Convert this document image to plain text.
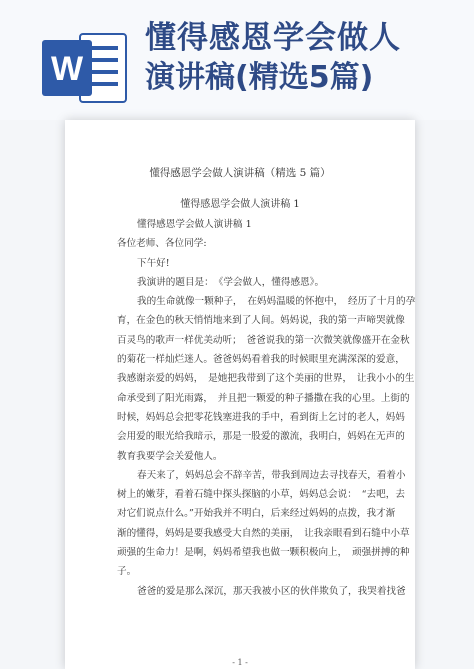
W
懂得感恩学会做人
演讲稿(精选5篇)
懂得感恩学会做人演讲稿（精选 5 篇）
懂得感恩学会做人演讲稿 1

懂得感恩学会做人演讲稿 1

各位老师、各位同学:

下午好!

我演讲的题目是：　《学会做人，懂得感恩》。

我的生命就像一颗种子，　在妈妈温暖的怀抱中，　经历了十月的孕

育，在金色的秋天悄悄地来到了人间。妈妈说，我的第一声啼哭就像

百灵鸟的歌声一样优美动听；　爸爸说我的第一次微笑就像盛开在金秋

的菊花一样灿烂迷人。爸爸妈妈看着我的时候眼里充满深深的爱意，

我感谢亲爱的妈妈，　是她把我带到了这个美丽的世界，　让我小小的生

命承受到了阳光雨露，　并且把一颗爱的种子播撒在我的心里。上街的

时候，妈妈总会把零花钱塞进我的手中，看到街上乞讨的老人，妈妈

会用爱的眼光给我暗示，那是一股爱的激流，我明白，妈妈在无声的

教育我要学会关爱他人。

春天来了，妈妈总会不辞辛苦，带我到周边去寻找春天，看着小

树上的嫩芽，看着石缝中探头探脑的小草，妈妈总会说：　“去吧，去

对它们说点什么。”开始我并不明白，后来经过妈妈的点拨，我才渐

渐的懂得，妈妈是要我感受大自然的美丽，　让我亲眼看到石缝中小草

顽强的生命力！是啊，妈妈希望我也做一颗积极向上，　顽强拼搏的种

子。

爸爸的爱是那么深沉，那天我被小区的伙伴欺负了，我哭着找爸

- 1 -
